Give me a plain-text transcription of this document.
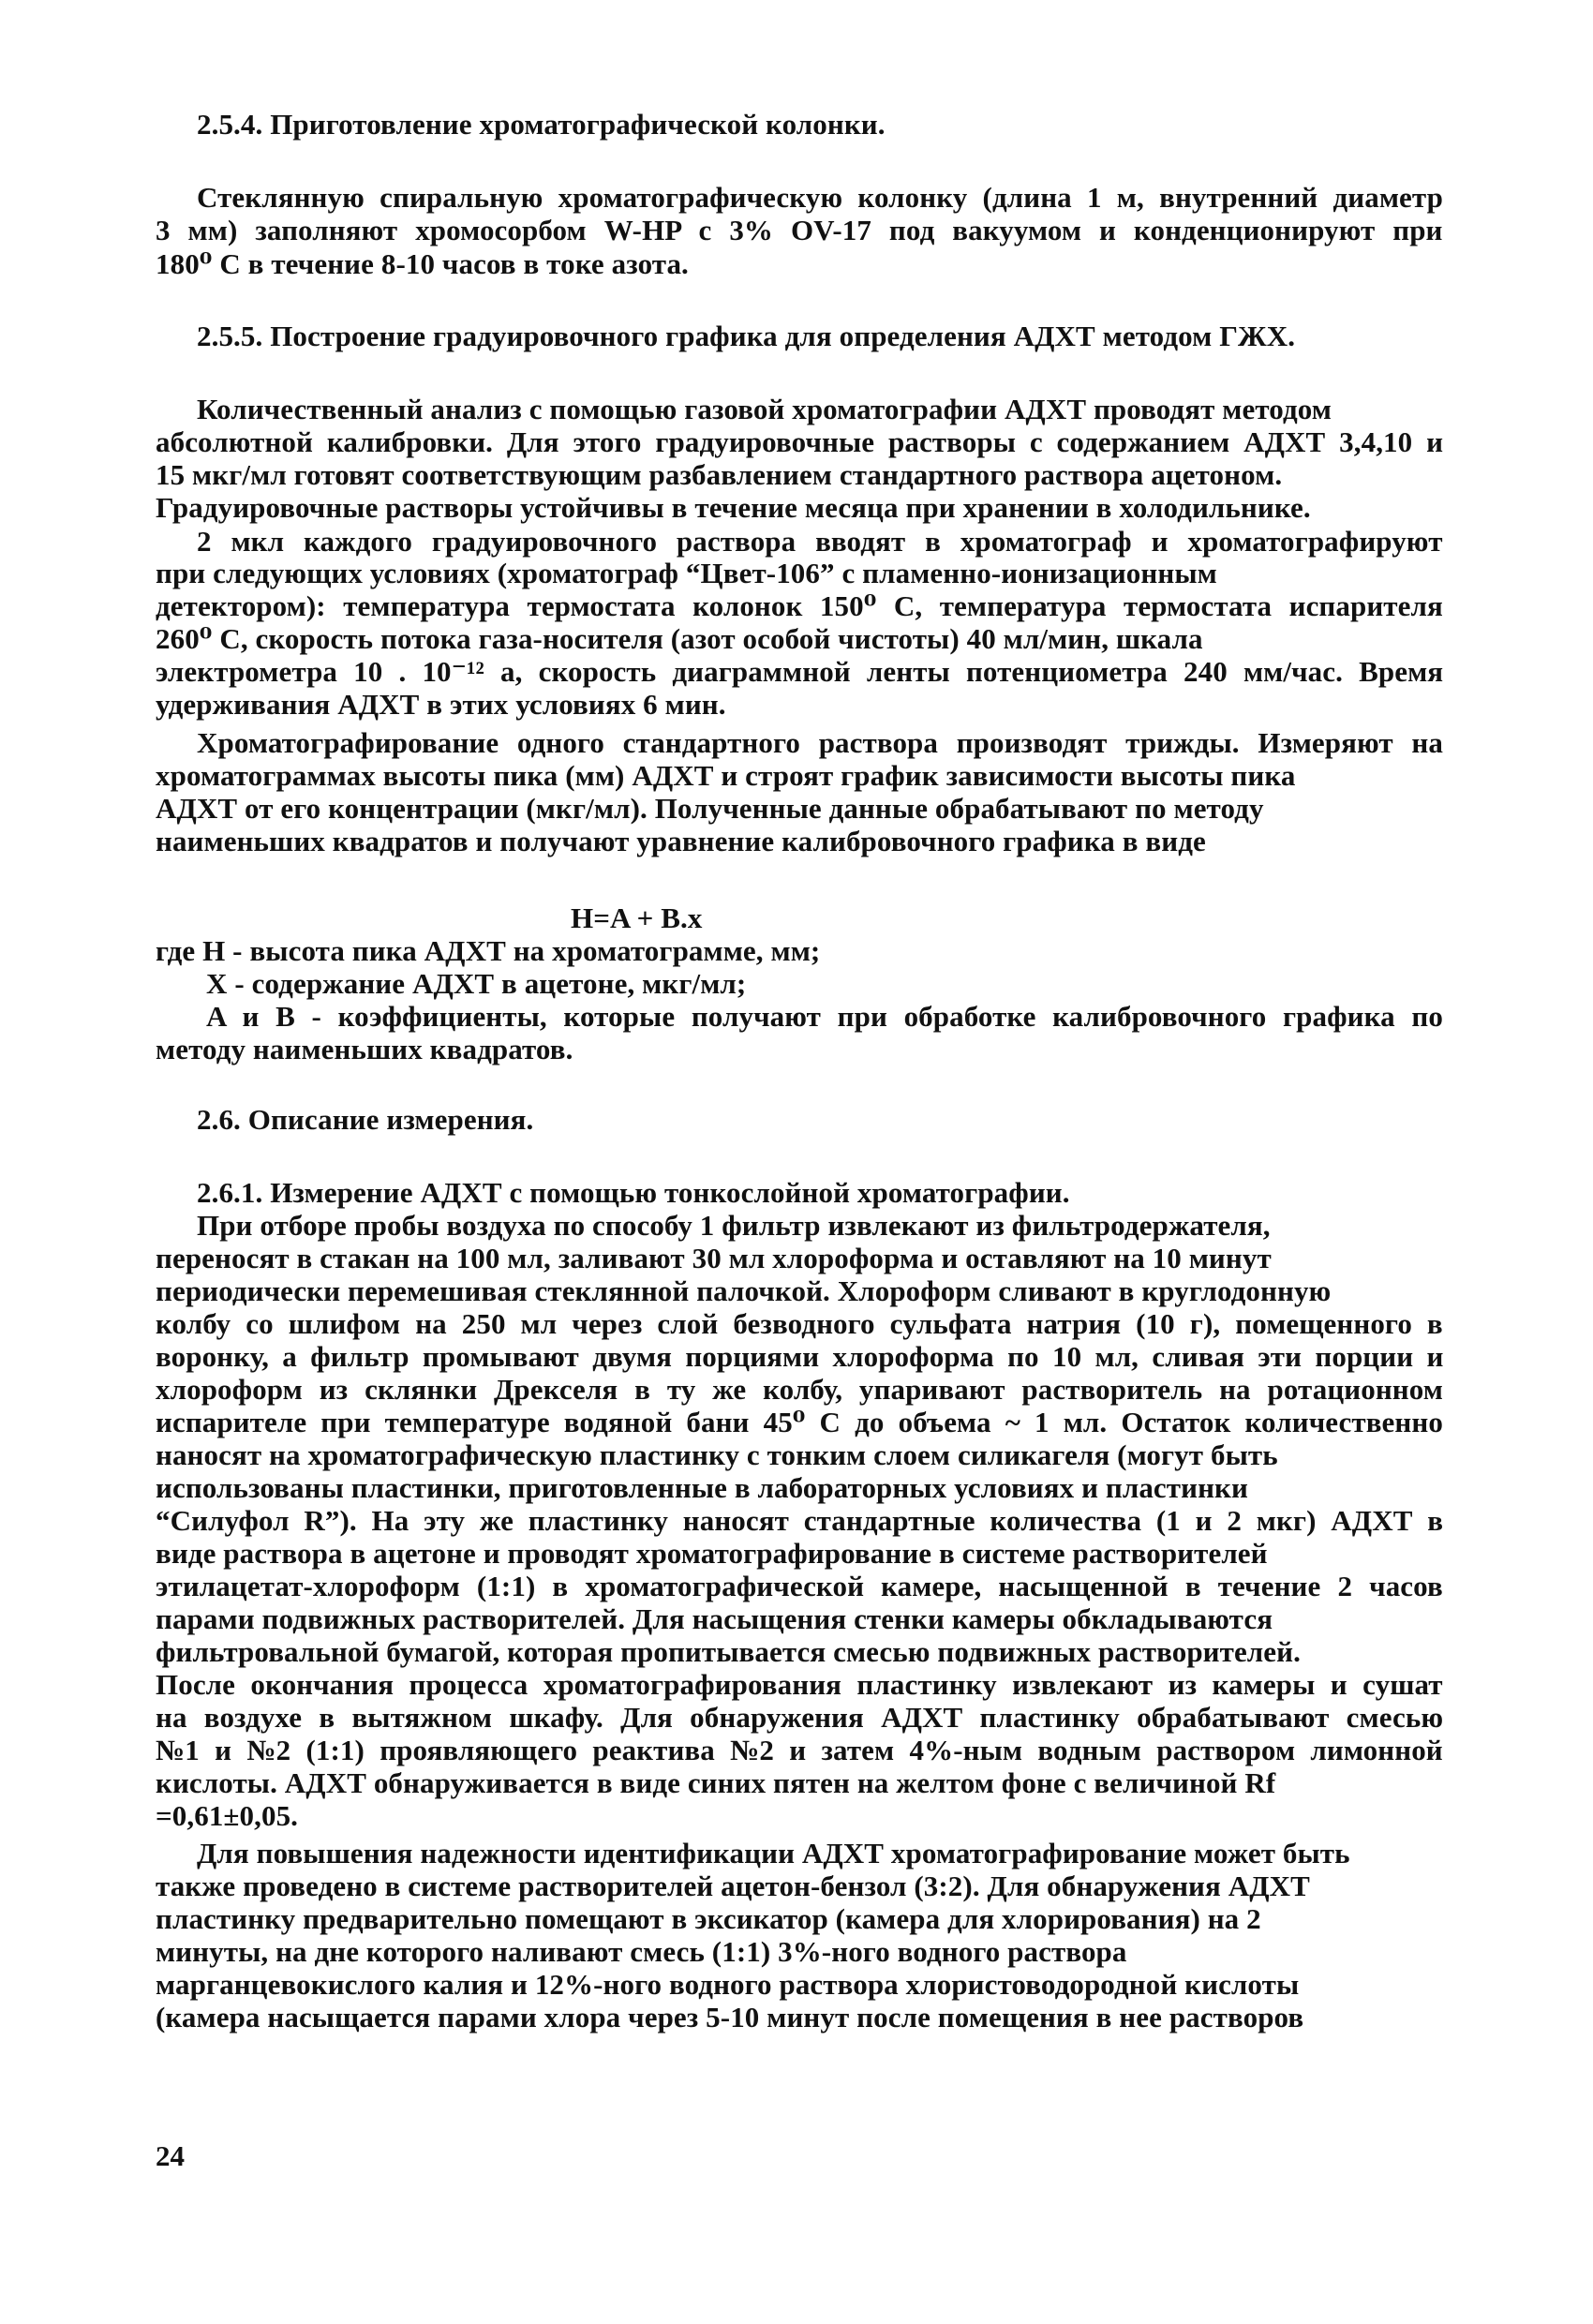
2.5.4. Приготовление хроматографической колонки.
Стеклянную спиральную хроматографическую колонку (длина 1 м, внутренний диаметр
3 мм) заполняют хромосорбом W-HP с 3% OV-17 под вакуумом и конденционируют при
180⁰ С в течение 8-10 часов в токе азота.
2.5.5. Построение градуировочного графика для определения АДХТ методом ГЖХ.
Количественный анализ с помощью газовой хроматографии АДХТ проводят методом
абсолютной калибровки. Для этого градуировочные растворы с содержанием АДХТ 3,4,10 и
15 мкг/мл готовят соответствующим разбавлением стандартного раствора ацетоном.
Градуировочные растворы устойчивы в течение месяца при хранении в холодильнике.
2 мкл каждого градуировочного раствора вводят в хроматограф и хроматографируют
при следующих условиях (хроматограф “Цвет-106” с пламенно-ионизационным
детектором): температура термостата колонок 150⁰ С, температура термостата испарителя
260⁰ С, скорость потока газа-носителя (азот особой чистоты) 40 мл/мин, шкала
электрометра 10 . 10⁻¹² а, скорость диаграммной ленты потенциометра 240 мм/час. Время
удерживания АДХТ в этих условиях 6 мин.
Хроматографирование одного стандартного раствора производят трижды. Измеряют на
хроматограммах высоты пика (мм) АДХТ и строят график зависимости высоты пика
АДХТ от его концентрации (мкг/мл). Полученные данные обрабатывают по методу
наименьших квадратов и получают уравнение калибровочного графика в виде
H=A + B.x
где H - высота пика АДХТ на хроматограмме, мм;
X - содержание АДХТ в ацетоне, мкг/мл;
A и B - коэффициенты, которые получают при обработке калибровочного графика по
методу наименьших квадратов.
2.6. Описание измерения.
2.6.1. Измерение АДХТ с помощью тонкослойной хроматографии.
При отборе пробы воздуха по способу 1 фильтр извлекают из фильтродержателя,
переносят в стакан на 100 мл, заливают 30 мл хлороформа и оставляют на 10 минут
периодически перемешивая стеклянной палочкой. Хлороформ сливают в круглодонную
колбу со шлифом на 250 мл через слой безводного сульфата натрия (10 г), помещенного в
воронку, а фильтр промывают двумя порциями хлороформа по 10 мл, сливая эти порции и
хлороформ из склянки Дрекселя в ту же колбу, упаривают растворитель на ротационном
испарителе при температуре водяной бани 45⁰ С до объема ~ 1 мл. Остаток количественно
наносят на хроматографическую пластинку с тонким слоем силикагеля (могут быть
использованы пластинки, приготовленные в лабораторных условиях и пластинки
“Силуфол R”). На эту же пластинку наносят стандартные количества (1 и 2 мкг) АДХТ в
виде раствора в ацетоне и проводят хроматографирование в системе растворителей
этилацетат-хлороформ (1:1) в хроматографической камере, насыщенной в течение 2 часов
парами подвижных растворителей. Для насыщения стенки камеры обкладываются
фильтровальной бумагой, которая пропитывается смесью подвижных растворителей.
После окончания процесса хроматографирования пластинку извлекают из камеры и сушат
на воздухе в вытяжном шкафу. Для обнаружения АДХТ пластинку обрабатывают смесью
№1 и №2 (1:1) проявляющего реактива №2 и затем 4%-ным водным раствором лимонной
кислоты. АДХТ обнаруживается в виде синих пятен на желтом фоне с величиной Rf
=0,61±0,05.
Для повышения надежности идентификации АДХТ хроматографирование может быть
также проведено в системе растворителей ацетон-бензол (3:2). Для обнаружения АДХТ
пластинку предварительно помещают в эксикатор (камера для хлорирования) на 2
минуты, на дне которого наливают смесь (1:1) 3%-ного водного раствора
марганцевокислого калия и 12%-ного водного раствора хлористоводородной кислоты
(камера насыщается парами хлора через 5-10 минут после помещения в нее растворов
24
